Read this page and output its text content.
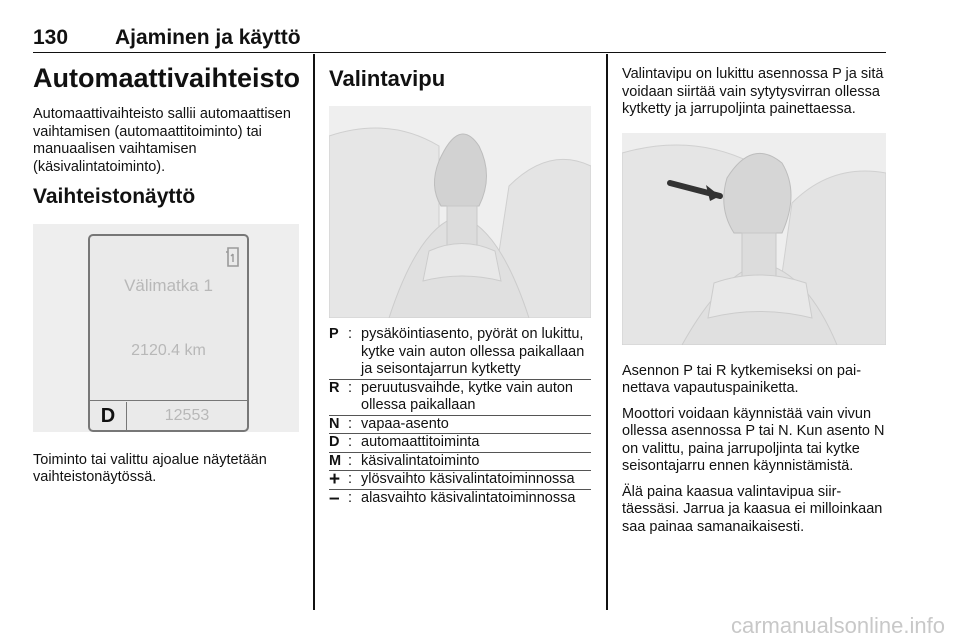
130 Ajaminen ja käyttö
Automaattivaihteisto

Automaattivaihteisto sallii automaattisen vaihtamisen (automaattitoiminto) tai manuaalisen vaihtamisen (käsivalintatoiminto).

Vaihteistonäyttö
Välimatka 1
2120.4 km
D	12553

Toiminto tai valittu ajoalue näytetään vaihteistonäytössä.

Valintavipu
P : pysäköintiasento, pyörät on lukittu, kytke vain auton ollessa paikallaan ja seisontajarrun kytketty
R : peruutusvaihde, kytke vain auton ollessa paikallaan
N : vapaa-asento
D : automaattitoiminta
M : käsivalintatoiminto
+ : ylösvaihto käsivalintatoiminnossa
– : alasvaihto käsivalintatoiminnossa

Valintavipu on lukittu asennossa P ja sitä voidaan siirtää vain sytytysvirran ollessa kytketty ja jarrupoljinta painettaessa.

Asennon P tai R kytkemiseksi on painettava vapautuspainiketta.

Moottori voidaan käynnistää vain vivun ollessa asennossa P tai N. Kun asento N on valittu, paina jarrupoljinta tai kytke seisontajarru ennen käynnistämistä.

Älä paina kaasua valintavipua siirtäessäsi. Jarrua ja kaasua ei milloinkaan saa painaa samanaikaisesti.

carmanualsonline.info
